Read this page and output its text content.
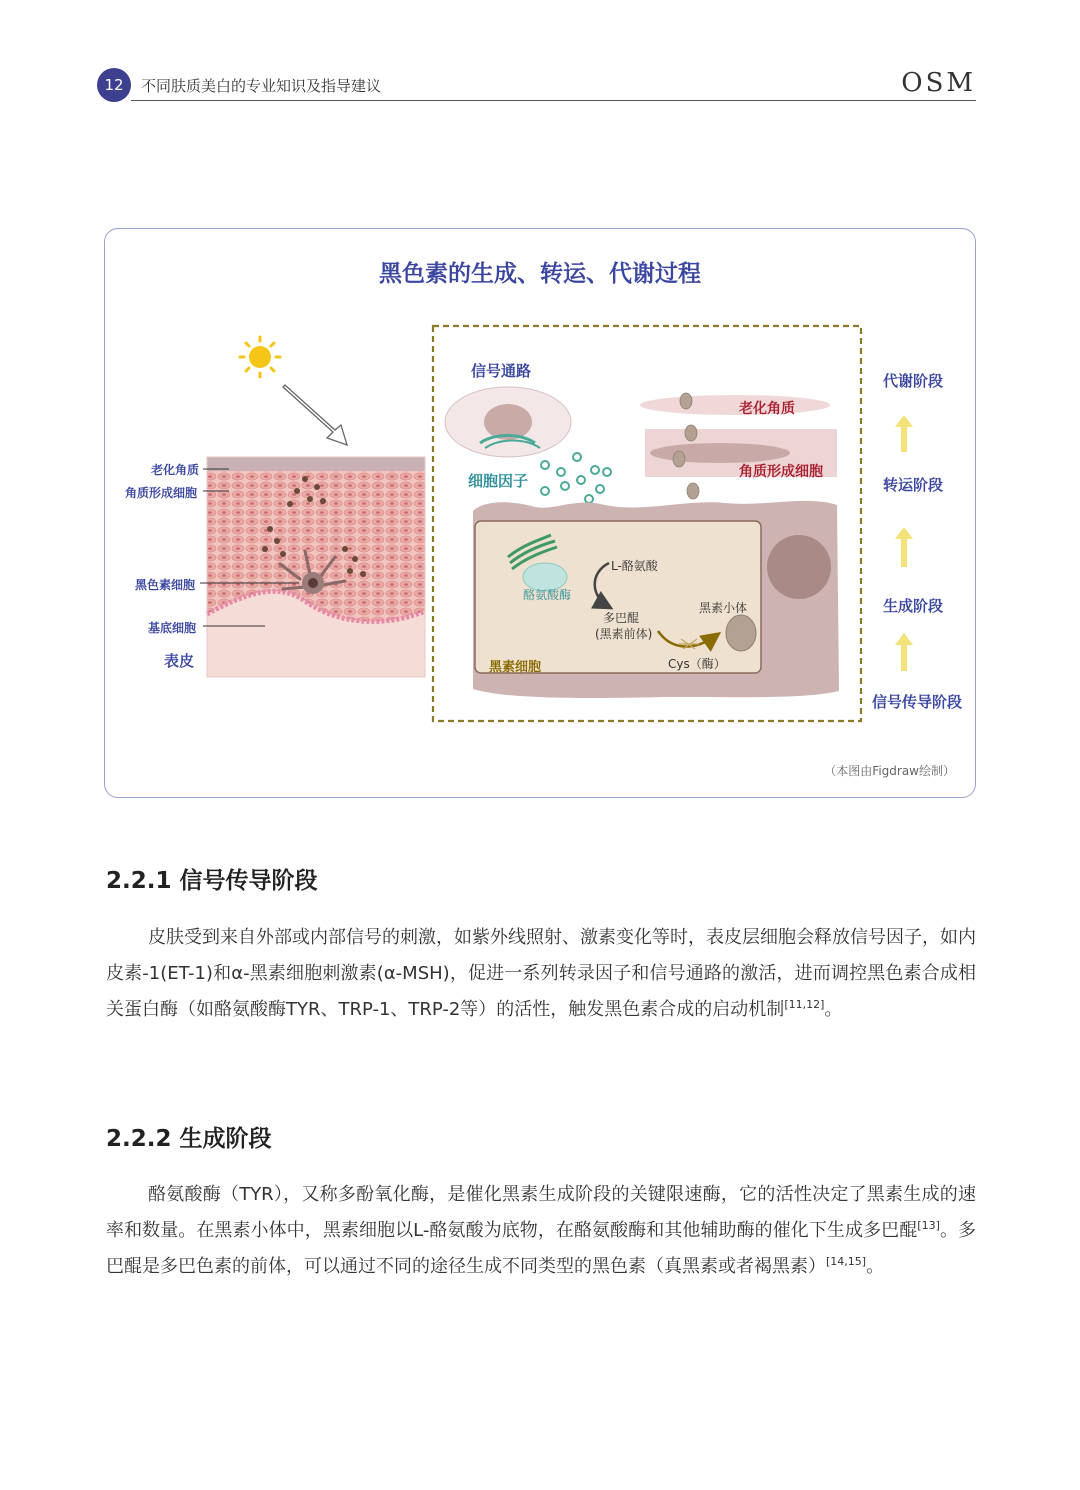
12	不同肤质美白的专业知识及指导建议	OSM
黑色素的生成、转运、代谢过程
老化角质
角质形成细胞
黑色素细胞
基底细胞
表皮
信号通路
细胞因子
老化角质
角质形成细胞
L-酪氨酸
酪氨酸酶
多巴醌
(黑素前体)
黑素小体
Cys（酶）
黑素细胞
代谢阶段
转运阶段
生成阶段
信号传导阶段
（本图由Figdraw绘制）
2.2.1 信号传导阶段

皮肤受到来自外部或内部信号的刺激，如紫外线照射、激素变化等时，表皮层细胞会释放信号因子，如内皮素-1(ET-1)和α-黑素细胞刺激素(α-MSH)，促进一系列转录因子和信号通路的激活，进而调控黑色素合成相关蛋白酶（如酪氨酸酶TYR、TRP-1、TRP-2等）的活性，触发黑色素合成的启动机制[11,12]。

2.2.2 生成阶段

酪氨酸酶（TYR），又称多酚氧化酶，是催化黑素生成阶段的关键限速酶，它的活性决定了黑素生成的速率和数量。在黑素小体中，黑素细胞以L-酪氨酸为底物，在酪氨酸酶和其他辅助酶的催化下生成多巴醌[13]。多巴醌是多巴色素的前体，可以通过不同的途径生成不同类型的黑色素（真黑素或者褐黑素）[14,15]。
